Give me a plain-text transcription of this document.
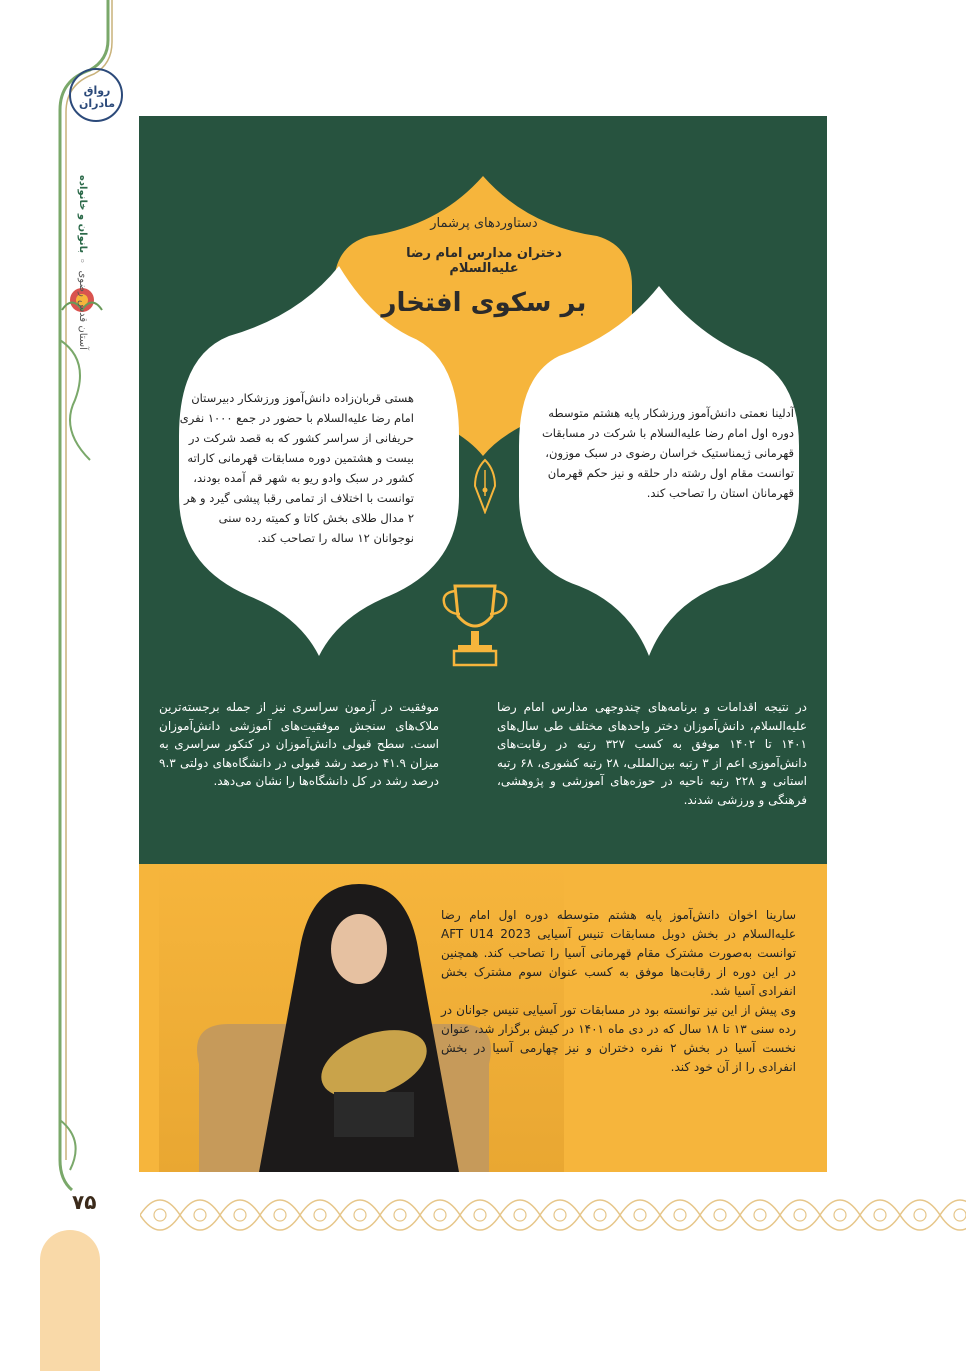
رواق مادران
آستان قدس رضوی ◦ بانوان و خانواده
۷۵
دستاوردهای پرشمار
دختران مدارس امام رضا علیه‌السلام
بر سکوی افتخار
هستی قربان‌زاده دانش‌آموز ورزشکار دبیرستان امام رضا علیه‌السلام با حضور در جمع ۱۰۰۰ نفری حریفانی از سراسر کشور که به قصد شرکت در بیست و هشتمین دوره مسابقات قهرمانی کاراته کشور در سبک وادو ریو به شهر قم آمده بودند، توانست با اختلاف از تمامی رقبا پیشی گیرد و هر ۲ مدال طلای بخش کاتا و کمیته رده سنی نوجوانان ۱۲ ساله را تصاحب کند.
آدلینا نعمتی دانش‌آموز ورزشکار پایه هشتم متوسطه دوره اول امام رضا علیه‌السلام با شرکت در مسابقات قهرمانی ژیمناستیک خراسان رضوی در سبک موزون، توانست مقام اول رشته دار حلقه و نیز حکم قهرمان قهرمانان استان را تصاحب کند.
موفقیت در آزمون سراسری نیز از جمله برجسته‌ترین ملاک‌های سنجش موفقیت‌های آموزشی دانش‌آموزان است. سطح قبولی دانش‌آموزان در کنکور سراسری به میزان ۴۱.۹ درصد رشد قبولی در دانشگاه‌های دولتی ۹.۳ درصد رشد در کل دانشگاه‌ها را نشان می‌دهد.
در نتیجه اقدامات و برنامه‌های چندوجهی مدارس امام رضا علیه‌السلام، دانش‌آموزان دختر واحدهای مختلف طی سال‌های ۱۴۰۱ تا ۱۴۰۲ موفق به کسب ۳۲۷ رتبه در رقابت‌های دانش‌آموزی اعم از ۳ رتبه بین‌المللی، ۲۸ رتبه کشوری، ۶۸ رتبه استانی و ۲۲۸ رتبه ناحیه در حوزه‌های آموزشی و پژوهشی، فرهنگی و ورزشی شدند.

سارینا اخوان دانش‌آموز پایه هشتم متوسطه دوره اول امام رضا علیه‌السلام در بخش دوبل مسابقات تنیس آسیایی AFT U14 2023 توانست به‌صورت مشترک مقام قهرمانی آسیا را تصاحب کند. همچنین در این دوره از رقابت‌ها موفق به کسب عنوان سوم مشترک بخش انفرادی آسیا شد.

وی پیش از این نیز توانسته بود در مسابقات تور آسیایی تنیس جوانان در رده سنی ۱۳ تا ۱۸ سال که در دی ماه ۱۴۰۱ در کیش برگزار شد، عنوان نخست آسیا در بخش ۲ نفره دختران و نیز چهارمی آسیا در بخش انفرادی را از آن خود کند.
